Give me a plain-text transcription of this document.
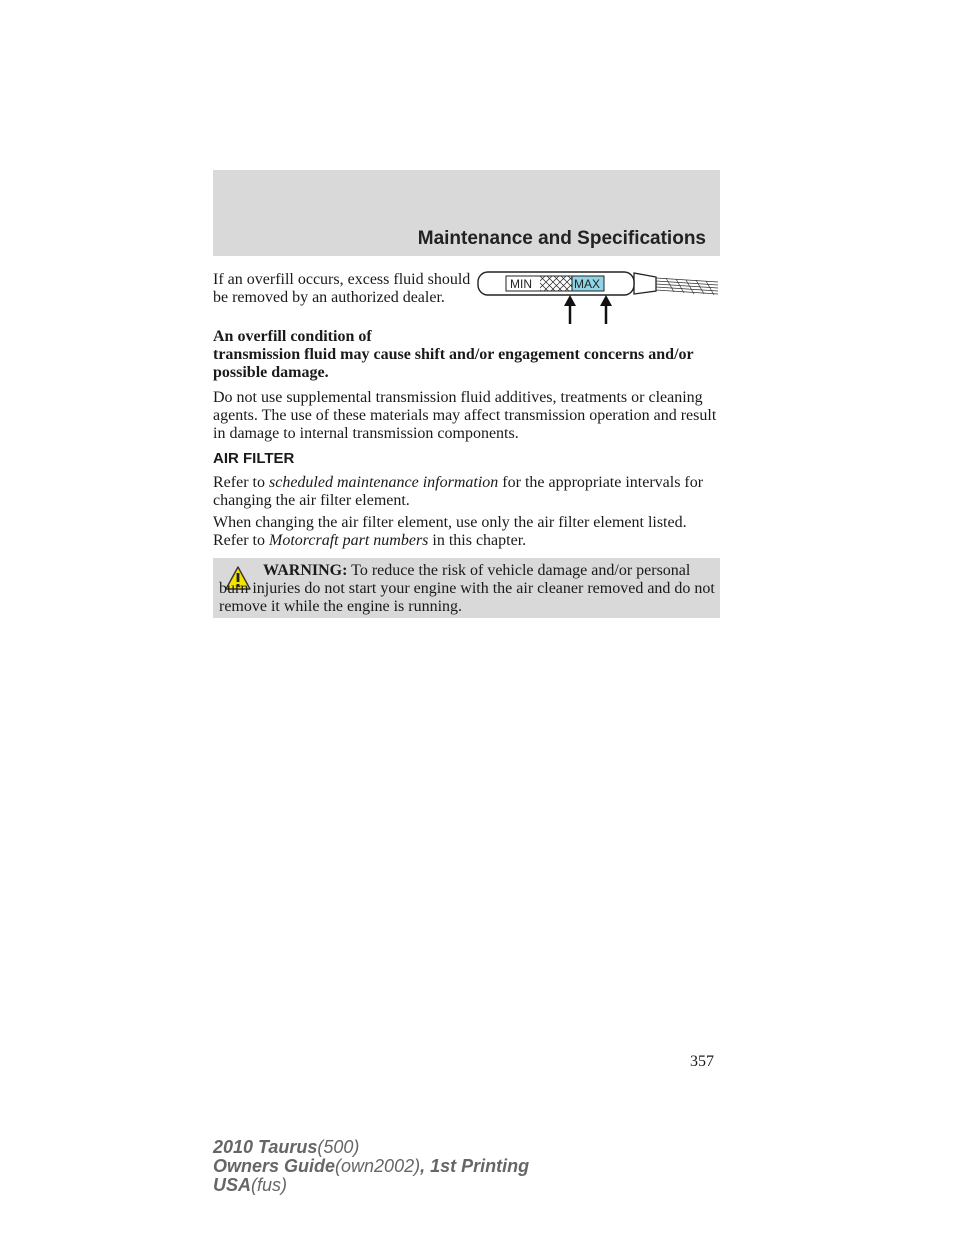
Maintenance and Specifications
MIN	MAX

If an overfill occurs, excess fluid should be removed by an authorized dealer.

An overfill condition of

transmission fluid may cause shift and/or engagement concerns and/or possible damage.

Do not use supplemental transmission fluid additives, treatments or cleaning agents. The use of these materials may affect transmission operation and result in damage to internal transmission components.

AIR FILTER

Refer to scheduled maintenance information for the appropriate intervals for changing the air filter element.

When changing the air filter element, use only the air filter element listed. Refer to Motorcraft part numbers in this chapter.

WARNING: To reduce the risk of vehicle damage and/or personal burn injuries do not start your engine with the air cleaner removed and do not remove it while the engine is running.

357
2010 Taurus(500)
Owners Guide(own2002), 1st Printing
USA(fus)
